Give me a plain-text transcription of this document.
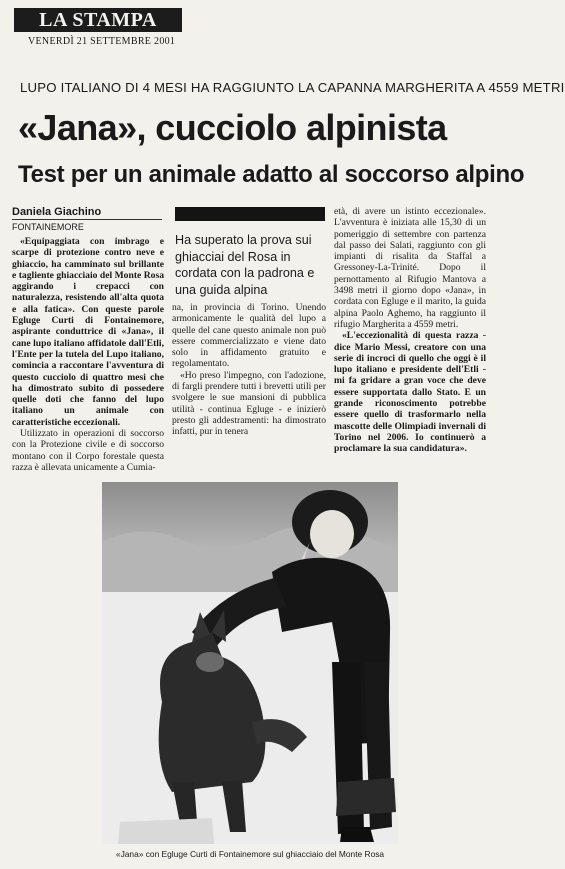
LA STAMPA
VENERDÌ 21 SETTEMBRE 2001
LUPO ITALIANO DI 4 MESI HA RAGGIUNTO LA CAPANNA MARGHERITA A 4559 METRI
«Jana», cucciolo alpinista
Test per un animale adatto al soccorso alpino
Daniela Giachino
FONTAINEMORE

«Equipaggiata con imbrago e scarpe di protezione contro neve e ghiaccio, ha camminato sul brillante e tagliente ghiacciaio del Monte Rosa aggirando i crepacci con naturalezza, resistendo all'alta quota e alla fatica». Con queste parole Egluge Curti di Fontainemore, aspirante conduttrice di «Jana», il cane lupo italiano affidatole dall'Etli, l'Ente per la tutela del Lupo italiano, comincia a raccontare l'avventura di questo cucciolo di quattro mesi che ha dimostrato subito di possedere quelle doti che fanno del lupo italiano un animale con caratteristiche eccezionali.

Utilizzato in operazioni di soccorso con la Protezione civile e di soccorso montano con il Corpo forestale questa razza è allevata unicamente a Cumia-

Ha superato la prova sui ghiacciai del Rosa in cordata con la padrona e una guida alpina

na, in provincia di Torino. Unendo armonicamente le qualità del lupo a quelle del cane questo animale non può essere commercializzato e viene dato solo in affidamento gratuito e regolamentato.

«Ho preso l'impegno, con l'adozione, di fargli prendere tutti i brevetti utili per svolgere le sue mansioni di pubblica utilità - continua Egluge - e inizierò presto gli addestramenti: ha dimostrato infatti, pur in tenera

età, di avere un istinto eccezionale». L'avventura è iniziata alle 15,30 di un pomeriggio di settembre con partenza dal passo dei Salati, raggiunto con gli impianti di risalita da Staffal a Gressoney-La-Trinité. Dopo il pernottamento al Rifugio Mantova a 3498 metri il giorno dopo «Jana», in cordata con Egluge e il marito, la guida alpina Paolo Aghemo, ha raggiunto il rifugio Margherita a 4559 metri.

«L'eccezionalità di questa razza - dice Mario Messi, creatore con una serie di incroci di quello che oggi è il lupo italiano e presidente dell'Etli - mi fa gridare a gran voce che deve essere supportata dallo Stato. E un grande riconoscimento potrebbe essere quello di trasformarlo nella mascotte delle Olimpiadi invernali di Torino nel 2006. Io continuerò a proclamare la sua candidatura».

«Jana» con Egluge Curti di Fontainemore sul ghiacciaio del Monte Rosa
